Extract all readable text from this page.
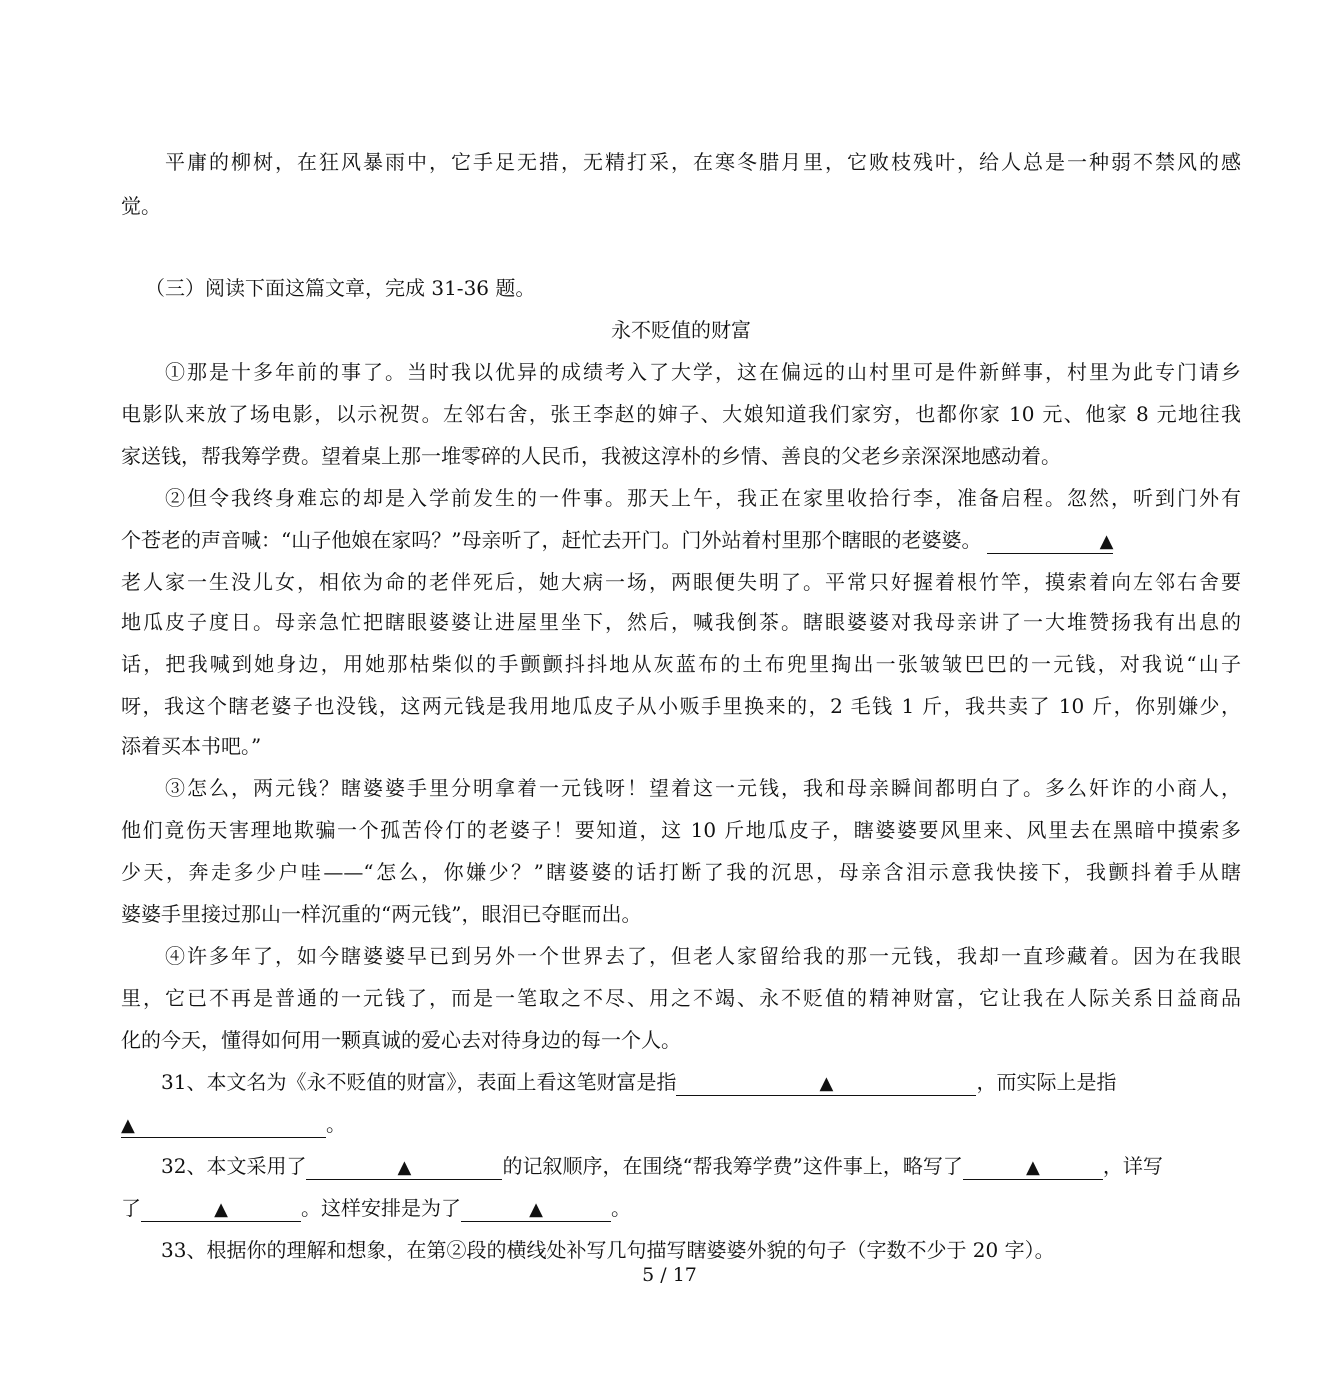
　　平庸的柳树，在狂风暴雨中，它手足无措，无精打采，在寒冬腊月里，它败枝残叶，给人总是一种弱不禁风的感
觉。
（三）阅读下面这篇文章，完成 31-36 题。
永不贬值的财富
　　①那是十多年前的事了。当时我以优异的成绩考入了大学，这在偏远的山村里可是件新鲜事，村里为此专门请乡
电影队来放了场电影，以示祝贺。左邻右舍，张王李赵的婶子、大娘知道我们家穷，也都你家 10 元、他家 8 元地往我
家送钱，帮我筹学费。望着桌上那一堆零碎的人民币，我被这淳朴的乡情、善良的父老乡亲深深地感动着。
　　②但令我终身难忘的却是入学前发生的一件事。那天上午，我正在家里收拾行李，准备启程。忽然，听到门外有
个苍老的声音喊：“山子他娘在家吗？”母亲听了，赶忙去开门。门外站着村里那个瞎眼的老婆婆。	▲
老人家一生没儿女，相依为命的老伴死后，她大病一场，两眼便失明了。平常只好握着根竹竿，摸索着向左邻右舍要
地瓜皮子度日。母亲急忙把瞎眼婆婆让进屋里坐下，然后，喊我倒茶。瞎眼婆婆对我母亲讲了一大堆赞扬我有出息的
话，把我喊到她身边，用她那枯柴似的手颤颤抖抖地从灰蓝布的土布兜里掏出一张皱皱巴巴的一元钱，对我说“山子
呀，我这个瞎老婆子也没钱，这两元钱是我用地瓜皮子从小贩手里换来的，2 毛钱 1 斤，我共卖了 10 斤，你别嫌少，
添着买本书吧。”
　　③怎么，两元钱？瞎婆婆手里分明拿着一元钱呀！望着这一元钱，我和母亲瞬间都明白了。多么奸诈的小商人，
他们竟伤天害理地欺骗一个孤苦伶仃的老婆子！要知道，这 10 斤地瓜皮子，瞎婆婆要风里来、风里去在黑暗中摸索多
少天，奔走多少户哇——“怎么，你嫌少？”瞎婆婆的话打断了我的沉思，母亲含泪示意我快接下，我颤抖着手从瞎
婆婆手里接过那山一样沉重的“两元钱”，眼泪已夺眶而出。
　　④许多年了，如今瞎婆婆早已到另外一个世界去了，但老人家留给我的那一元钱，我却一直珍藏着。因为在我眼
里，它已不再是普通的一元钱了，而是一笔取之不尽、用之不竭、永不贬值的精神财富，它让我在人际关系日益商品
化的今天，懂得如何用一颗真诚的爱心去对待身边的每一个人。
　　31、本文名为《永不贬值的财富》，表面上看这笔财富是指	▲	，而实际上是指
▲	。
　　32、本文采用了	▲	的记叙顺序，在围绕“帮我筹学费”这件事上，略写了	▲	，详写
了	▲	。这样安排是为了	▲	。
　　33、根据你的理解和想象，在第②段的横线处补写几句描写瞎婆婆外貌的句子（字数不少于 20 字）。
5 / 17
